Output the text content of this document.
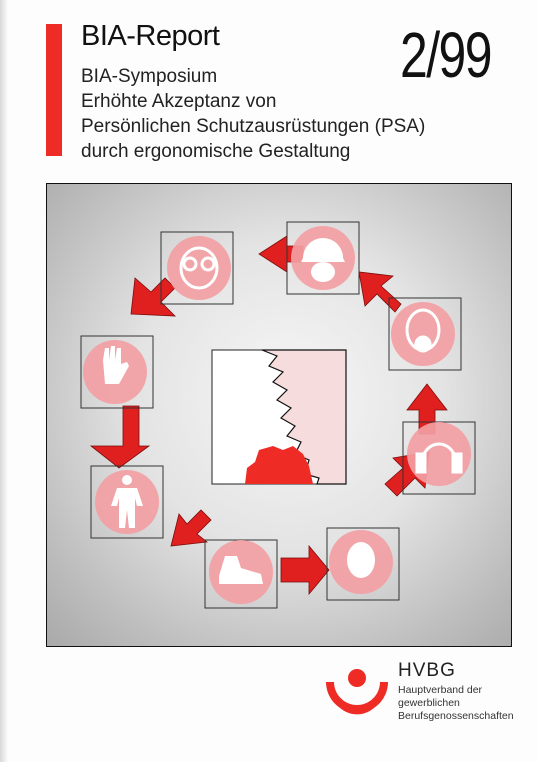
BIA-Report
BIA-Symposium
Erhöhte Akzeptanz von
Persönlichen Schutzausrüstungen (PSA)
durch ergonomische Gestaltung
2/99
HVBG
Hauptverband der
gewerblichen
Berufsgenossenschaften
